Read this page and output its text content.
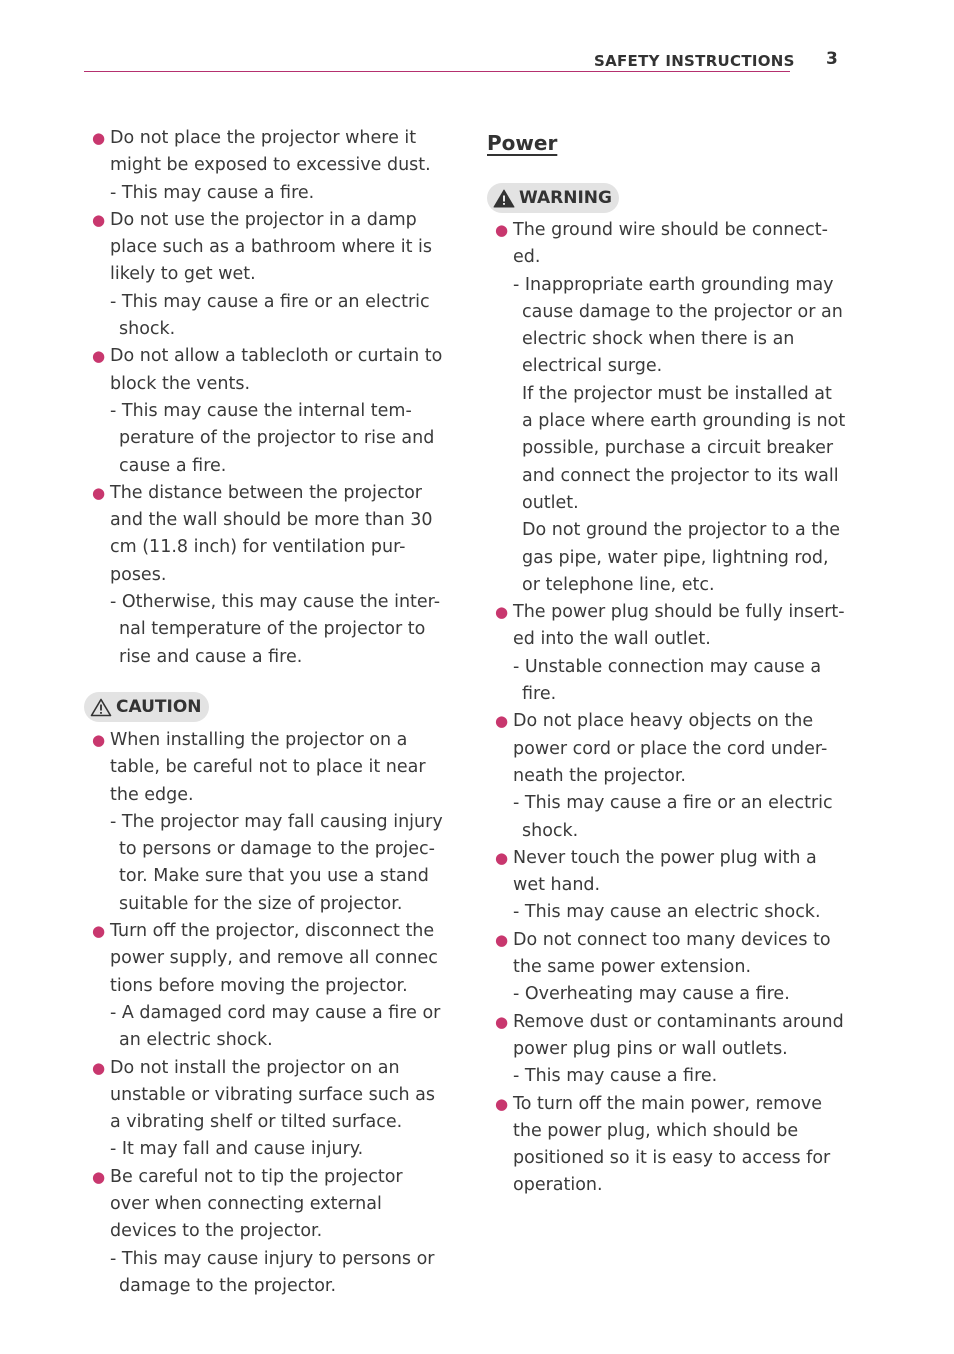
SAFETY INSTRUCTIONS 3
● Do not place the projector where it might be exposed to excessive dust.
- This may cause a fire.
● Do not use the projector in a damp place such as a bathroom where it is likely to get wet.
- This may cause a fire or an electric shock.
● Do not allow a tablecloth or curtain to block the vents.
- This may cause the internal tem-perature of the projector to rise and cause a fire.
● The distance between the projector and the wall should be more than 30 cm (11.8 inch) for ventilation pur-poses.
- Otherwise, this may cause the inter-nal temperature of the projector to rise and cause a fire.
CAUTION
● When installing the projector on a table, be careful not to place it near the edge.
- The projector may fall causing injury to persons or damage to the projec-tor. Make sure that you use a stand suitable for the size of projector.
● Turn off the projector, disconnect the power supply, and remove all connec tions before moving the projector.
- A damaged cord may cause a fire or an electric shock.
● Do not install the projector on an unstable or vibrating surface such as a vibrating shelf or tilted surface.
- It may fall and cause injury.
● Be careful not to tip the projector over when connecting external devices to the projector.
- This may cause injury to persons or damage to the projector.
Power
WARNING
● The ground wire should be connect-ed.
- Inappropriate earth grounding may cause damage to the projector or an electric shock when there is an electrical surge.
If the projector must be installed at a place where earth grounding is not possible, purchase a circuit breaker and connect the projector to its wall outlet.
Do not ground the projector to a the gas pipe, water pipe, lightning rod, or telephone line, etc.
● The power plug should be fully insert-ed into the wall outlet.
- Unstable connection may cause a fire.
● Do not place heavy objects on the power cord or place the cord under-neath the projector.
- This may cause a fire or an electric shock.
● Never touch the power plug with a wet hand.
- This may cause an electric shock.
● Do not connect too many devices to the same power extension.
- Overheating may cause a fire.
● Remove dust or contaminants around power plug pins or wall outlets.
- This may cause a fire.
● To turn off the main power, remove the power plug, which should be positioned so it is easy to access for operation.
